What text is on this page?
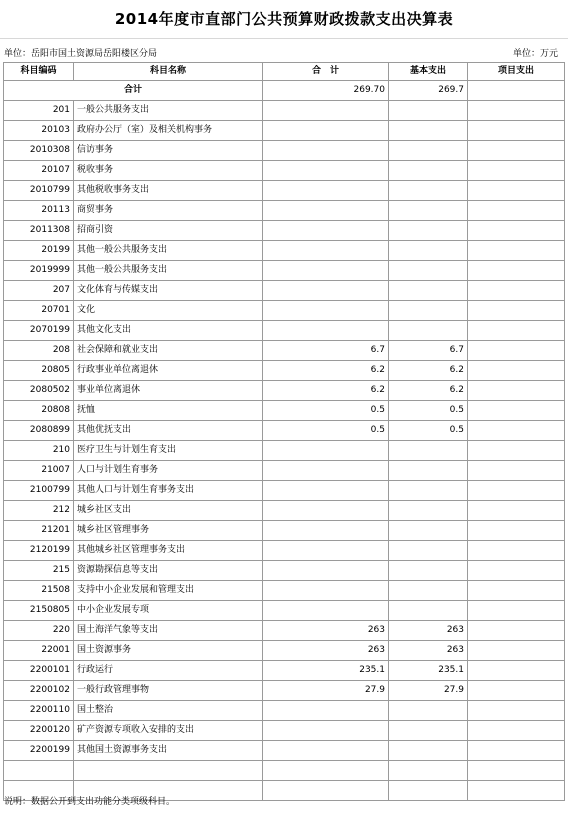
2014年度市直部门公共预算财政拨款支出决算表
单位：岳阳市国土资源局岳阳楼区分局	单位：万元
科目编码	科目名称	合　计	基本支出	项目支出
合计		269.70	269.7	
201	一般公共服务支出			
20103	政府办公厅（室）及相关机构事务			
2010308	信访事务			
20107	税收事务			
2010799	其他税收事务支出			
20113	商贸事务			
2011308	招商引资			
20199	其他一般公共服务支出			
2019999	其他一般公共服务支出			
207	文化体育与传媒支出			
20701	文化			
2070199	其他文化支出			
208	社会保障和就业支出	6.7	6.7	
20805	行政事业单位离退休	6.2	6.2	
2080502	事业单位离退休	6.2	6.2	
20808	抚恤	0.5	0.5	
2080899	其他优抚支出	0.5	0.5	
210	医疗卫生与计划生育支出			
21007	人口与计划生育事务			
2100799	其他人口与计划生育事务支出			
212	城乡社区支出			
21201	城乡社区管理事务			
2120199	其他城乡社区管理事务支出			
215	资源勘探信息等支出			
21508	支持中小企业发展和管理支出			
2150805	中小企业发展专项			
220	国土海洋气象等支出	263	263	
22001	国土资源事务	263	263	
2200101	行政运行	235.1	235.1	
2200102	一般行政管理事物	27.9	27.9	
2200110	国土整治			
2200120	矿产资源专项收入安排的支出			
2200199	其他国土资源事务支出			

说明：数据公开到支出功能分类项级科目。
